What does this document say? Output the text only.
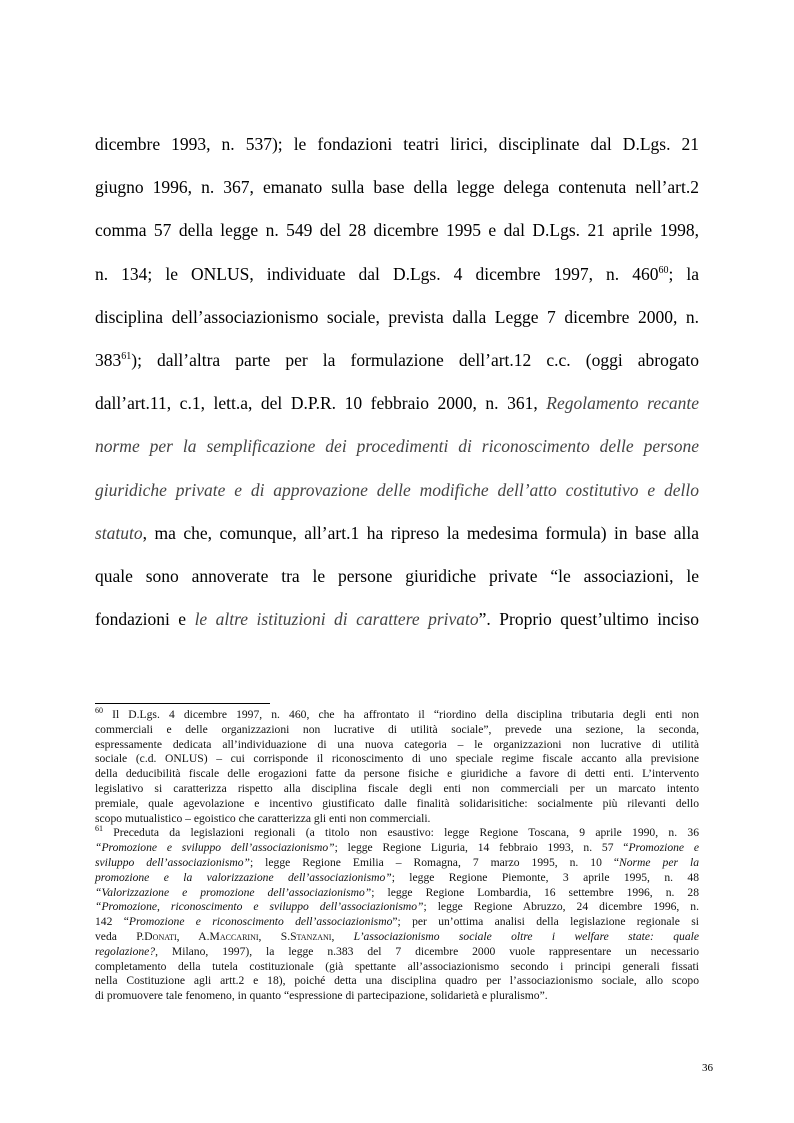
dicembre 1993, n. 537); le fondazioni teatri lirici, disciplinate dal D.Lgs. 21
giugno 1996, n. 367, emanato sulla base della legge delega contenuta nell’art.2
comma 57 della legge n. 549 del 28 dicembre 1995 e dal D.Lgs. 21 aprile 1998,
n. 134; le ONLUS, individuate dal D.Lgs. 4 dicembre 1997, n. $460^{60}$; la
disciplina dell’associazionismo sociale, prevista dalla Legge 7 dicembre 2000, n.
$383^{61}$); dall’altra parte per la formulazione dell’art.12 c.c. (oggi abrogato
dall’art.11, c.1, lett.a, del D.P.R. 10 febbraio 2000, n. 361, Regolamento recante
norme per la semplificazione dei procedimenti di riconoscimento delle persone
giuridiche private e di approvazione delle modifiche dell’atto costitutivo e dello
statuto, ma che, comunque, all’art.1 ha ripreso la medesima formula) in base alla
quale sono annoverate tra le persone giuridiche private “le associazioni, le
fondazioni e le altre istituzioni di carattere privato”. Proprio quest’ultimo inciso
$^{60}$ Il D.Lgs. 4 dicembre 1997, n. 460, che ha affrontato il “riordino della disciplina tributaria degli enti non
commerciali e delle organizzazioni non lucrative di utilità sociale”, prevede una sezione, la seconda,
espressamente dedicata all’individuazione di una nuova categoria – le organizzazioni non lucrative di utilità
sociale (c.d. ONLUS) – cui corrisponde il riconoscimento di uno speciale regime fiscale accanto alla previsione
della deducibilità fiscale delle erogazioni fatte da persone fisiche e giuridiche a favore di detti enti. L’intervento
legislativo si caratterizza rispetto alla disciplina fiscale degli enti non commerciali per un marcato intento
premiale, quale agevolazione e incentivo giustificato dalle finalità solidarisitiche: socialmente più rilevanti dello
scopo mutualistico – egoistico che caratterizza gli enti non commerciali.
$^{61}$ Preceduta da legislazioni regionali (a titolo non esaustivo: legge Regione Toscana, 9 aprile 1990, n. 36
“Promozione e sviluppo dell’associazionismo”; legge Regione Liguria, 14 febbraio 1993, n. 57 “Promozione e
sviluppo dell’associazionismo”; legge Regione Emilia – Romagna, 7 marzo 1995, n. 10 “Norme per la
promozione e la valorizzazione dell’associazionismo”; legge Regione Piemonte, 3 aprile 1995, n. 48
“Valorizzazione e promozione dell’associazionismo”; legge Regione Lombardia, 16 settembre 1996, n. 28
“Promozione, riconoscimento e sviluppo dell’associazionismo”; legge Regione Abruzzo, 24 dicembre 1996, n.
142 “Promozione e riconoscimento dell’associazionismo”; per un’ottima analisi della legislazione regionale si
veda P.Donati, A.Maccarini, S.Stanzani, L’associazionismo sociale oltre i welfare state: quale
regolazione?, Milano, 1997), la legge n.383 del 7 dicembre 2000 vuole rappresentare un necessario
completamento della tutela costituzionale (già spettante all’associazionismo secondo i principi generali fissati
nella Costituzione agli artt.2 e 18), poiché detta una disciplina quadro per l’associazionismo sociale, allo scopo
di promuovere tale fenomeno, in quanto “espressione di partecipazione, solidarietà e pluralismo”.
36
